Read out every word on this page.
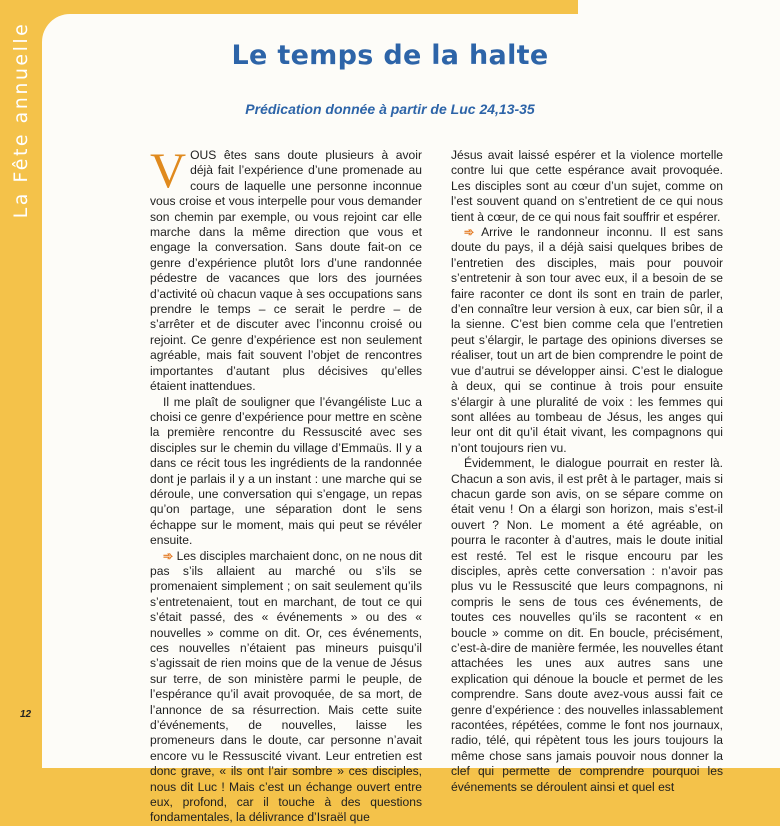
La Fête annuelle
12
Le temps de la halte

Prédication donnée à partir de Luc 24,13-35

VOUS êtes sans doute plusieurs à avoir déjà fait l’expérience d’une promenade au cours de laquelle une personne inconnue vous croise et vous interpelle pour vous demander son chemin par exemple, ou vous rejoint car elle marche dans la même direction que vous et engage la conversation. Sans doute fait-on ce genre d’expérience plutôt lors d’une randonnée pédestre de vacances que lors des journées d’activité où chacun vaque à ses occupations sans prendre le temps – ce serait le perdre – de s’arrêter et de discuter avec l’inconnu croisé ou rejoint. Ce genre d’expérience est non seulement agréable, mais fait souvent l’objet de rencontres importantes d’autant plus décisives qu’elles étaient inattendues.

Il me plaît de souligner que l’évangéliste Luc a choisi ce genre d’expérience pour mettre en scène la première rencontre du Ressuscité avec ses disciples sur le chemin du village d’Emmaüs. Il y a dans ce récit tous les ingrédients de la randonnée dont je parlais il y a un instant : une marche qui se déroule, une conversation qui s’engage, un repas qu’on partage, une séparation dont le sens échappe sur le moment, mais qui peut se révéler ensuite.

➾ Les disciples marchaient donc, on ne nous dit pas s’ils allaient au marché ou s’ils se promenaient simplement ; on sait seulement qu’ils s’entretenaient, tout en marchant, de tout ce qui s’était passé, des « événements » ou des « nouvelles » comme on dit. Or, ces événements, ces nouvelles n’étaient pas mineurs puisqu’il s’agissait de rien moins que de la venue de Jésus sur terre, de son ministère parmi le peuple, de l’espérance qu’il avait provoquée, de sa mort, de l’annonce de sa résurrection. Mais cette suite d’événements, de nouvelles, laisse les promeneurs dans le doute, car personne n’avait encore vu le Ressuscité vivant. Leur entretien est donc grave, « ils ont l’air sombre » ces disciples, nous dit Luc ! Mais c’est un échange ouvert entre eux, profond, car il touche à des questions fondamentales, la délivrance d’Israël que

Jésus avait laissé espérer et la violence mortelle contre lui que cette espérance avait provoquée. Les disciples sont au cœur d’un sujet, comme on l’est souvent quand on s’entretient de ce qui nous tient à cœur, de ce qui nous fait souffrir et espérer.

➾ Arrive le randonneur inconnu. Il est sans doute du pays, il a déjà saisi quelques bribes de l’entretien des disciples, mais pour pouvoir s’entretenir à son tour avec eux, il a besoin de se faire raconter ce dont ils sont en train de parler, d’en connaître leur version à eux, car bien sûr, il a la sienne. C’est bien comme cela que l’entretien peut s’élargir, le partage des opinions diverses se réaliser, tout un art de bien comprendre le point de vue d’autrui se développer ainsi. C’est le dialogue à deux, qui se continue à trois pour ensuite s’élargir à une pluralité de voix : les femmes qui sont allées au tombeau de Jésus, les anges qui leur ont dit qu’il était vivant, les compagnons qui n’ont toujours rien vu.

Évidemment, le dialogue pourrait en rester là. Chacun a son avis, il est prêt à le partager, mais si chacun garde son avis, on se sépare comme on était venu ! On a élargi son horizon, mais s’est-il ouvert ? Non. Le moment a été agréable, on pourra le raconter à d’autres, mais le doute initial est resté. Tel est le risque encouru par les disciples, après cette conversation : n’avoir pas plus vu le Ressuscité que leurs compagnons, ni compris le sens de tous ces événements, de toutes ces nouvelles qu’ils se racontent « en boucle » comme on dit. En boucle, précisément, c’est-à-dire de manière fermée, les nouvelles étant attachées les unes aux autres sans une explication qui dénoue la boucle et permet de les comprendre. Sans doute avez-vous aussi fait ce genre d’expérience : des nouvelles inlassablement racontées, répétées, comme le font nos journaux, radio, télé, qui répètent tous les jours toujours la même chose sans jamais pouvoir nous donner la clef qui permette de comprendre pourquoi les événements se déroulent ainsi et quel est
